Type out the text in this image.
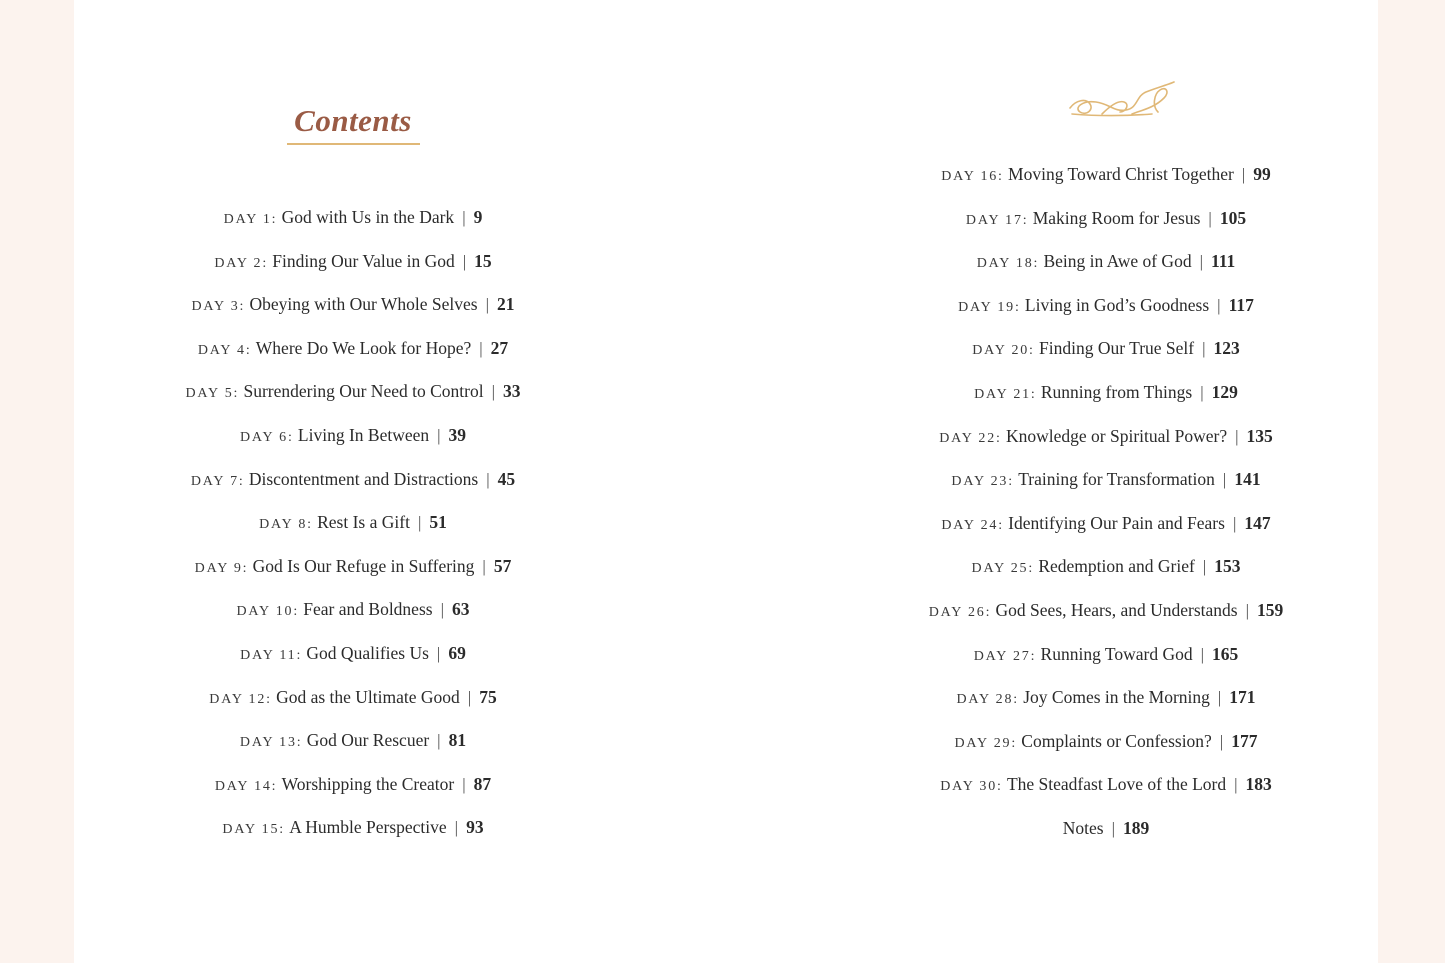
Contents
DAY 1: God with Us in the Dark | 9
DAY 2: Finding Our Value in God | 15
DAY 3: Obeying with Our Whole Selves | 21
DAY 4: Where Do We Look for Hope? | 27
DAY 5: Surrendering Our Need to Control | 33
DAY 6: Living In Between | 39
DAY 7: Discontentment and Distractions | 45
DAY 8: Rest Is a Gift | 51
DAY 9: God Is Our Refuge in Suffering | 57
DAY 10: Fear and Boldness | 63
DAY 11: God Qualifies Us | 69
DAY 12: God as the Ultimate Good | 75
DAY 13: God Our Rescuer | 81
DAY 14: Worshipping the Creator | 87
DAY 15: A Humble Perspective | 93
DAY 16: Moving Toward Christ Together | 99
DAY 17: Making Room for Jesus | 105
DAY 18: Being in Awe of God | 111
DAY 19: Living in God’s Goodness | 117
DAY 20: Finding Our True Self | 123
DAY 21: Running from Things | 129
DAY 22: Knowledge or Spiritual Power? | 135
DAY 23: Training for Transformation | 141
DAY 24: Identifying Our Pain and Fears | 147
DAY 25: Redemption and Grief | 153
DAY 26: God Sees, Hears, and Understands | 159
DAY 27: Running Toward God | 165
DAY 28: Joy Comes in the Morning | 171
DAY 29: Complaints or Confession? | 177
DAY 30: The Steadfast Love of the Lord | 183
Notes | 189
